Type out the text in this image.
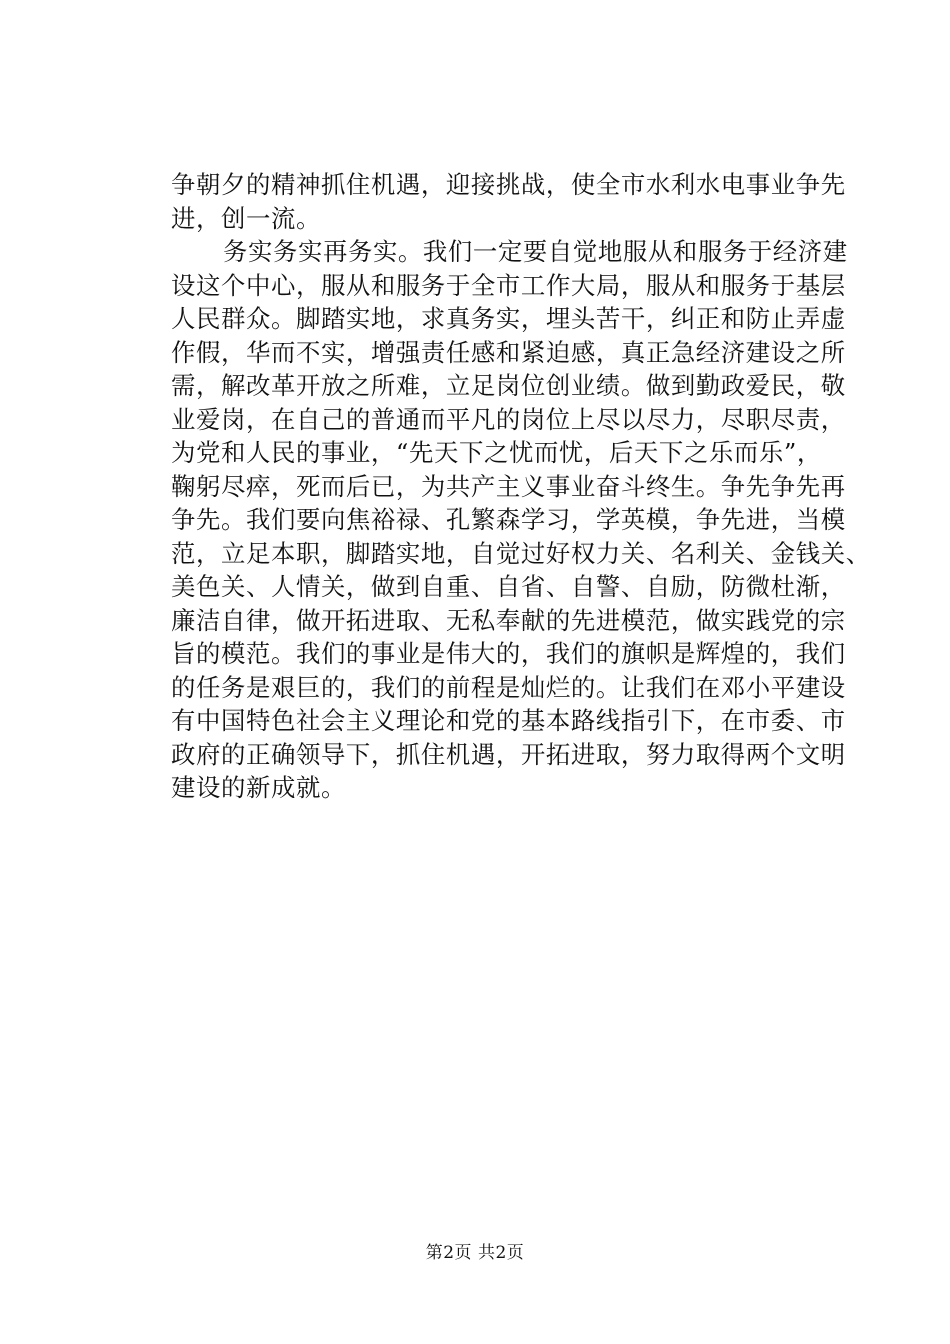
争朝夕的精神抓住机遇，迎接挑战，使全市水利水电事业争先
进，创一流。
务实务实再务实。我们一定要自觉地服从和服务于经济建
设这个中心，服从和服务于全市工作大局，服从和服务于基层
人民群众。脚踏实地，求真务实，埋头苦干，纠正和防止弄虚
作假，华而不实，增强责任感和紧迫感，真正急经济建设之所
需，解改革开放之所难，立足岗位创业绩。做到勤政爱民，敬
业爱岗，在自己的普通而平凡的岗位上尽以尽力，尽职尽责，
为党和人民的事业，“先天下之忧而忧，后天下之乐而乐”，
鞠躬尽瘁，死而后已，为共产主义事业奋斗终生。争先争先再
争先。我们要向焦裕禄、孔繁森学习，学英模，争先进，当模
范，立足本职，脚踏实地，自觉过好权力关、名利关、金钱关、
美色关、人情关，做到自重、自省、自警、自励，防微杜渐，
廉洁自律，做开拓进取、无私奉献的先进模范，做实践党的宗
旨的模范。我们的事业是伟大的，我们的旗帜是辉煌的，我们
的任务是艰巨的，我们的前程是灿烂的。让我们在邓小平建设
有中国特色社会主义理论和党的基本路线指引下，在市委、市
政府的正确领导下，抓住机遇，开拓进取，努力取得两个文明
建设的新成就。
第2页 共2页
